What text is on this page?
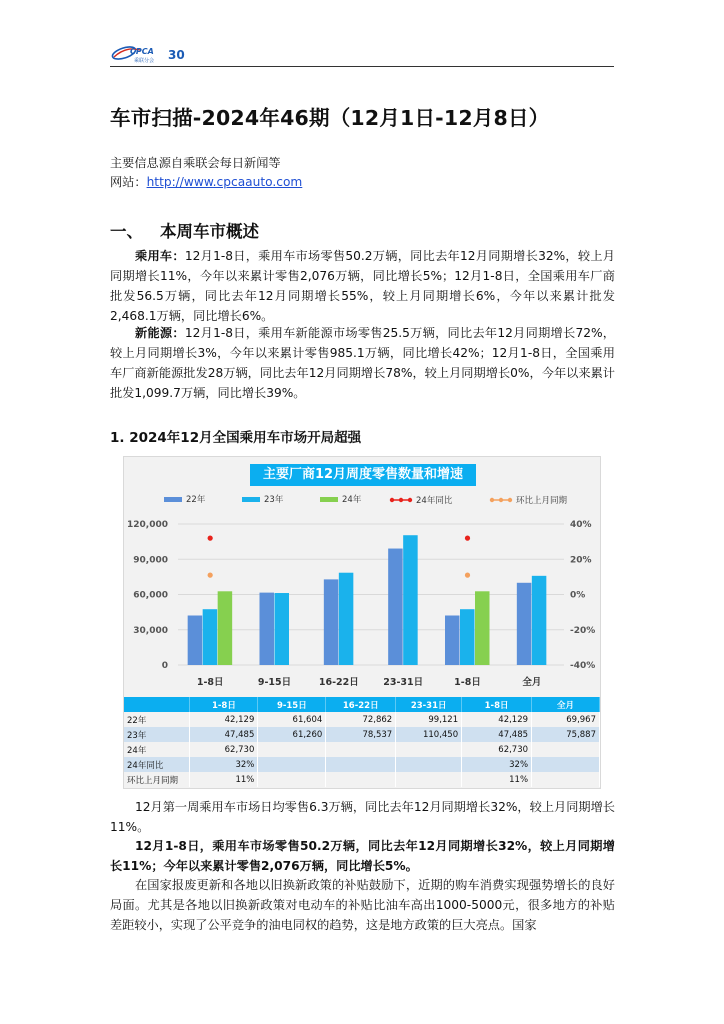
CPCA
乘联分会 30
车市扫描-2024年46期（12月1日-12月8日）
主要信息源自乘联会每日新闻等
网站：http://www.cpcaauto.com
一、 本周车市概述
乘用车：12月1-8日，乘用车市场零售50.2万辆，同比去年12月同期增长32%，较上月同期增长11%，今年以来累计零售2,076万辆，同比增长5%；12月1-8日，全国乘用车厂商批发56.5万辆，同比去年12月同期增长55%，较上月同期增长6%，今年以来累计批发2,468.1万辆，同比增长6%。
新能源：12月1-8日，乘用车新能源市场零售25.5万辆，同比去年12月同期增长72%，较上月同期增长3%，今年以来累计零售985.1万辆，同比增长42%；12月1-8日，全国乘用车厂商新能源批发28万辆，同比去年12月同期增长78%，较上月同期增长0%，今年以来累计批发1,099.7万辆，同比增长39%。
1. 2024年12月全国乘用车市场开局超强
主要厂商12月周度零售数量和增速
0
30,000
60,000
90,000
120,000
-40%
-20%
0%
20%
40%
22年	23年	24年	24年同比	环比上月同期
1-8日	9-15日	16-22日	23-31日	1-8日	全月
	1-8日	9-15日	16-22日	23-31日	1-8日	全月
22年	42,129	61,604	72,862	99,121	42,129	69,967
23年	47,485	61,260	78,537	110,450	47,485	75,887
24年	62,730				62,730	
24年同比	32%				32%	
环比上月同期	11%				11%	
12月第一周乘用车市场日均零售6.3万辆，同比去年12月同期增长32%，较上月同期增长11%。
12月1-8日，乘用车市场零售50.2万辆，同比去年12月同期增长32%，较上月同期增长11%；今年以来累计零售2,076万辆，同比增长5%。
在国家报废更新和各地以旧换新政策的补贴鼓励下，近期的购车消费实现强势增长的良好局面。尤其是各地以旧换新政策对电动车的补贴比油车高出1000-5000元，很多地方的补贴差距较小，实现了公平竞争的油电同权的趋势，这是地方政策的巨大亮点。国家
